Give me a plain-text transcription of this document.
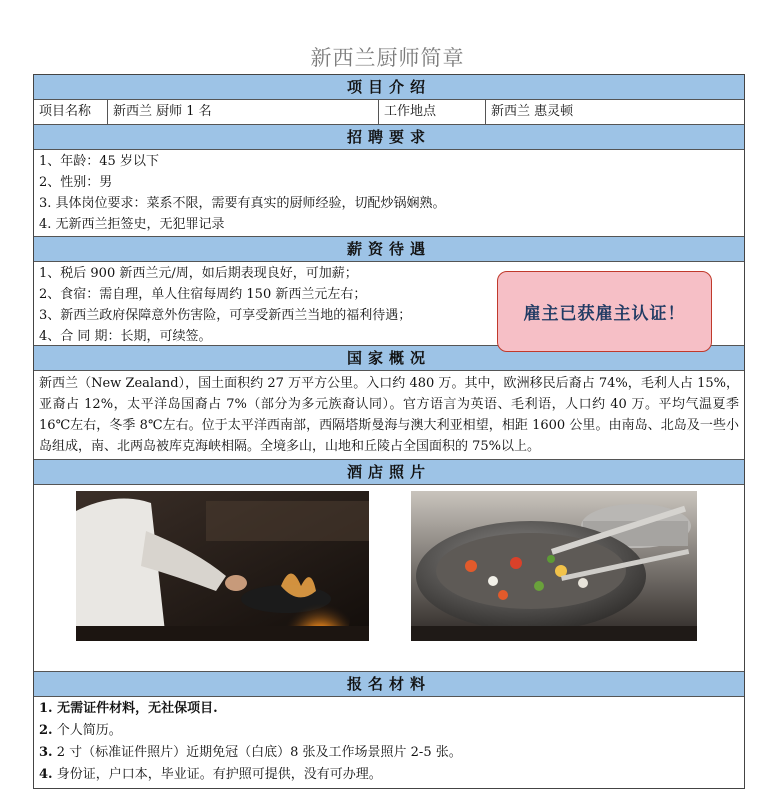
新西兰厨师简章
项目介绍
项目名称	新西兰 厨师 1 名	工作地点	新西兰 惠灵顿
招聘要求
1、年龄：45 岁以下
2、性别：男
3. 具体岗位要求：菜系不限，需要有真实的厨师经验，切配炒锅娴熟。
4. 无新西兰拒签史，无犯罪记录
薪资待遇
1、税后 900 新西兰元/周，如后期表现良好，可加薪；
2、食宿：需自理，单人住宿每周约 150 新西兰元左右；
3、新西兰政府保障意外伤害险，可享受新西兰当地的福利待遇；
4、合 同 期：长期，可续签。
雇主已获雇主认证！
国家概况
新西兰（New Zealand），国土面积约 27 万平方公里。入口约 480 万。其中，欧洲移民后裔占 74%，毛利人占 15%，亚裔占 12%，太平洋岛国裔占 7%（部分为多元族裔认同）。官方语言为英语、毛利语，人口约 40 万。平均气温夏季 16℃左右，冬季 8℃左右。位于太平洋西南部，西隔塔斯曼海与澳大利亚相望，相距 1600 公里。由南岛、北岛及一些小岛组成，南、北两岛被库克海峡相隔。全境多山，山地和丘陵占全国面积的 75%以上。
酒店照片
报名材料
1. 无需证件材料，无社保项目.
2. 个人简历。
3. 2 寸（标准证件照片）近期免冠（白底）8 张及工作场景照片 2-5 张。
4. 身份证，户口本，毕业证。有护照可提供，没有可办理。
